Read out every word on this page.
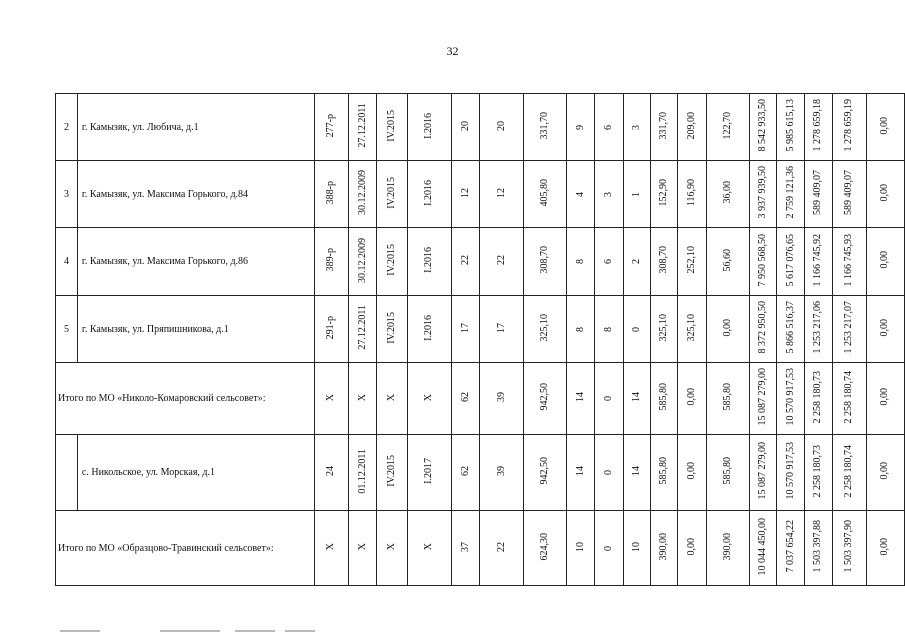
32
2	г. Камызяк, ул. Любича, д.1	277-р	27.12.2011	IV.2015	I.2016	20	20	331,70	9	6	3	331,70	209,00	122,70	8 542 933,50	5 985 615,13	1 278 659,18	1 278 659,19	0,00
3	г. Камызяк, ул. Максима Горького, д.84	388-р	30.12.2009	IV.2015	I.2016	12	12	405,80	4	3	1	152,90	116,90	36,00	3 937 939,50	2 759 121,36	589 409,07	589 409,07	0,00
4	г. Камызяк, ул. Максима Горького, д.86	389-р	30.12.2009	IV.2015	I.2016	22	22	308,70	8	6	2	308,70	252,10	56,60	7 950 568,50	5 617 076,65	1 166 745,92	1 166 745,93	0,00
5	г. Камызяк, ул. Пряпишникова, д.1	291-р	27.12.2011	IV.2015	I.2016	17	17	325,10	8	8	0	325,10	325,10	0,00	8 372 950,50	5 866 516,37	1 253 217,06	1 253 217,07	0,00
Итого по МО «Николо-Комаровский сельсовет»:		X	X	X	X	62	39	942,50	14	0	14	585,80	0,00	585,80	15 087 279,00	10 570 917,53	2 258 180,73	2 258 180,74	0,00
	с. Никольское, ул. Морская, д.1	24	01.12.2011	IV.2015	I.2017	62	39	942,50	14	0	14	585,80	0,00	585,80	15 087 279,00	10 570 917,53	2 258 180,73	2 258 180,74	0,00
Итого по МО «Образцово-Травинский сельсовет»:		X	X	X	X	37	22	624,30	10	0	10	390,00	0,00	390,00	10 044 450,00	7 037 654,22	1 503 397,88	1 503 397,90	0,00
